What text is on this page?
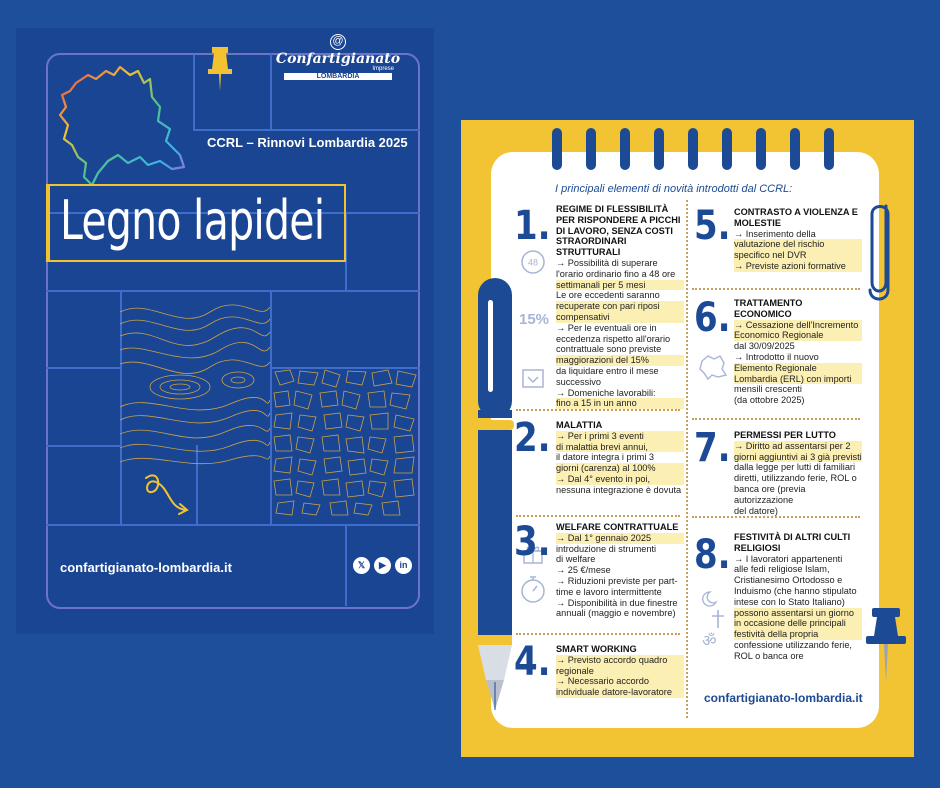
@
Confartigianato
Imprese
LOMBARDIA
CCRL – Rinnovi Lombardia 2025
Legno lapidei
confartigianato-lombardia.it	𝕏	▶	in
I principali elementi di novità introdotti dal CCRL:
48
15%
ॐ
1.
2.
3.
4.
5.
6.
7.
8.
REGIME DI FLESSIBILITÀ PER RISPONDERE A PICCHI DI LAVORO, SENZA COSTI STRAORDINARI STRUTTURALI
→ Possibilità di superare
l'orario ordinario fino a 48 ore
settimanali per 5 mesi
Le ore eccedenti saranno
recuperate con pari riposi
compensativi
→ Per le eventuali ore in
eccedenza rispetto all'orario
contrattuale sono previste
maggiorazioni del 15%
da liquidare entro il mese
successivo
→ Domeniche lavorabili:
fino a 15 in un anno
MALATTIA
→ Per i primi 3 eventi
di malattia brevi annui,
il datore integra i primi 3
giorni (carenza) al 100%
→ Dal 4° evento in poi,
nessuna integrazione è dovuta
WELFARE CONTRATTUALE
→ Dal 1° gennaio 2025
introduzione di strumenti
di welfare
→ 25 €/mese
→ Riduzioni previste per part-
time e lavoro intermittente
→ Disponibilità in due finestre
annuali (maggio e novembre)
SMART WORKING
→ Previsto accordo quadro
regionale
→ Necessario accordo
individuale datore-lavoratore
CONTRASTO A VIOLENZA E MOLESTIE
→ Inserimento della
valutazione del rischio
specifico nel DVR
→ Previste azioni formative
TRATTAMENTO ECONOMICO
→ Cessazione dell'Incremento
Economico Regionale
dal 30/09/2025
→ Introdotto il nuovo
Elemento Regionale
Lombardia (ERL) con importi
mensili crescenti
(da ottobre 2025)
PERMESSI PER LUTTO
→ Diritto ad assentarsi per 2
giorni aggiuntivi ai 3 già previsti
dalla legge per lutti di familiari
diretti, utilizzando ferie, ROL o
banca ore (previa autorizzazione
del datore)
FESTIVITÀ DI ALTRI CULTI RELIGIOSI
→ I lavoratori appartenenti
alle fedi religiose Islam,
Cristianesimo Ortodosso e
Induismo (che hanno stipulato
intese con lo Stato Italiano)
possono assentarsi un giorno
in occasione delle principali
festività della propria
confessione utilizzando ferie,
ROL o banca ore
confartigianato-lombardia.it
